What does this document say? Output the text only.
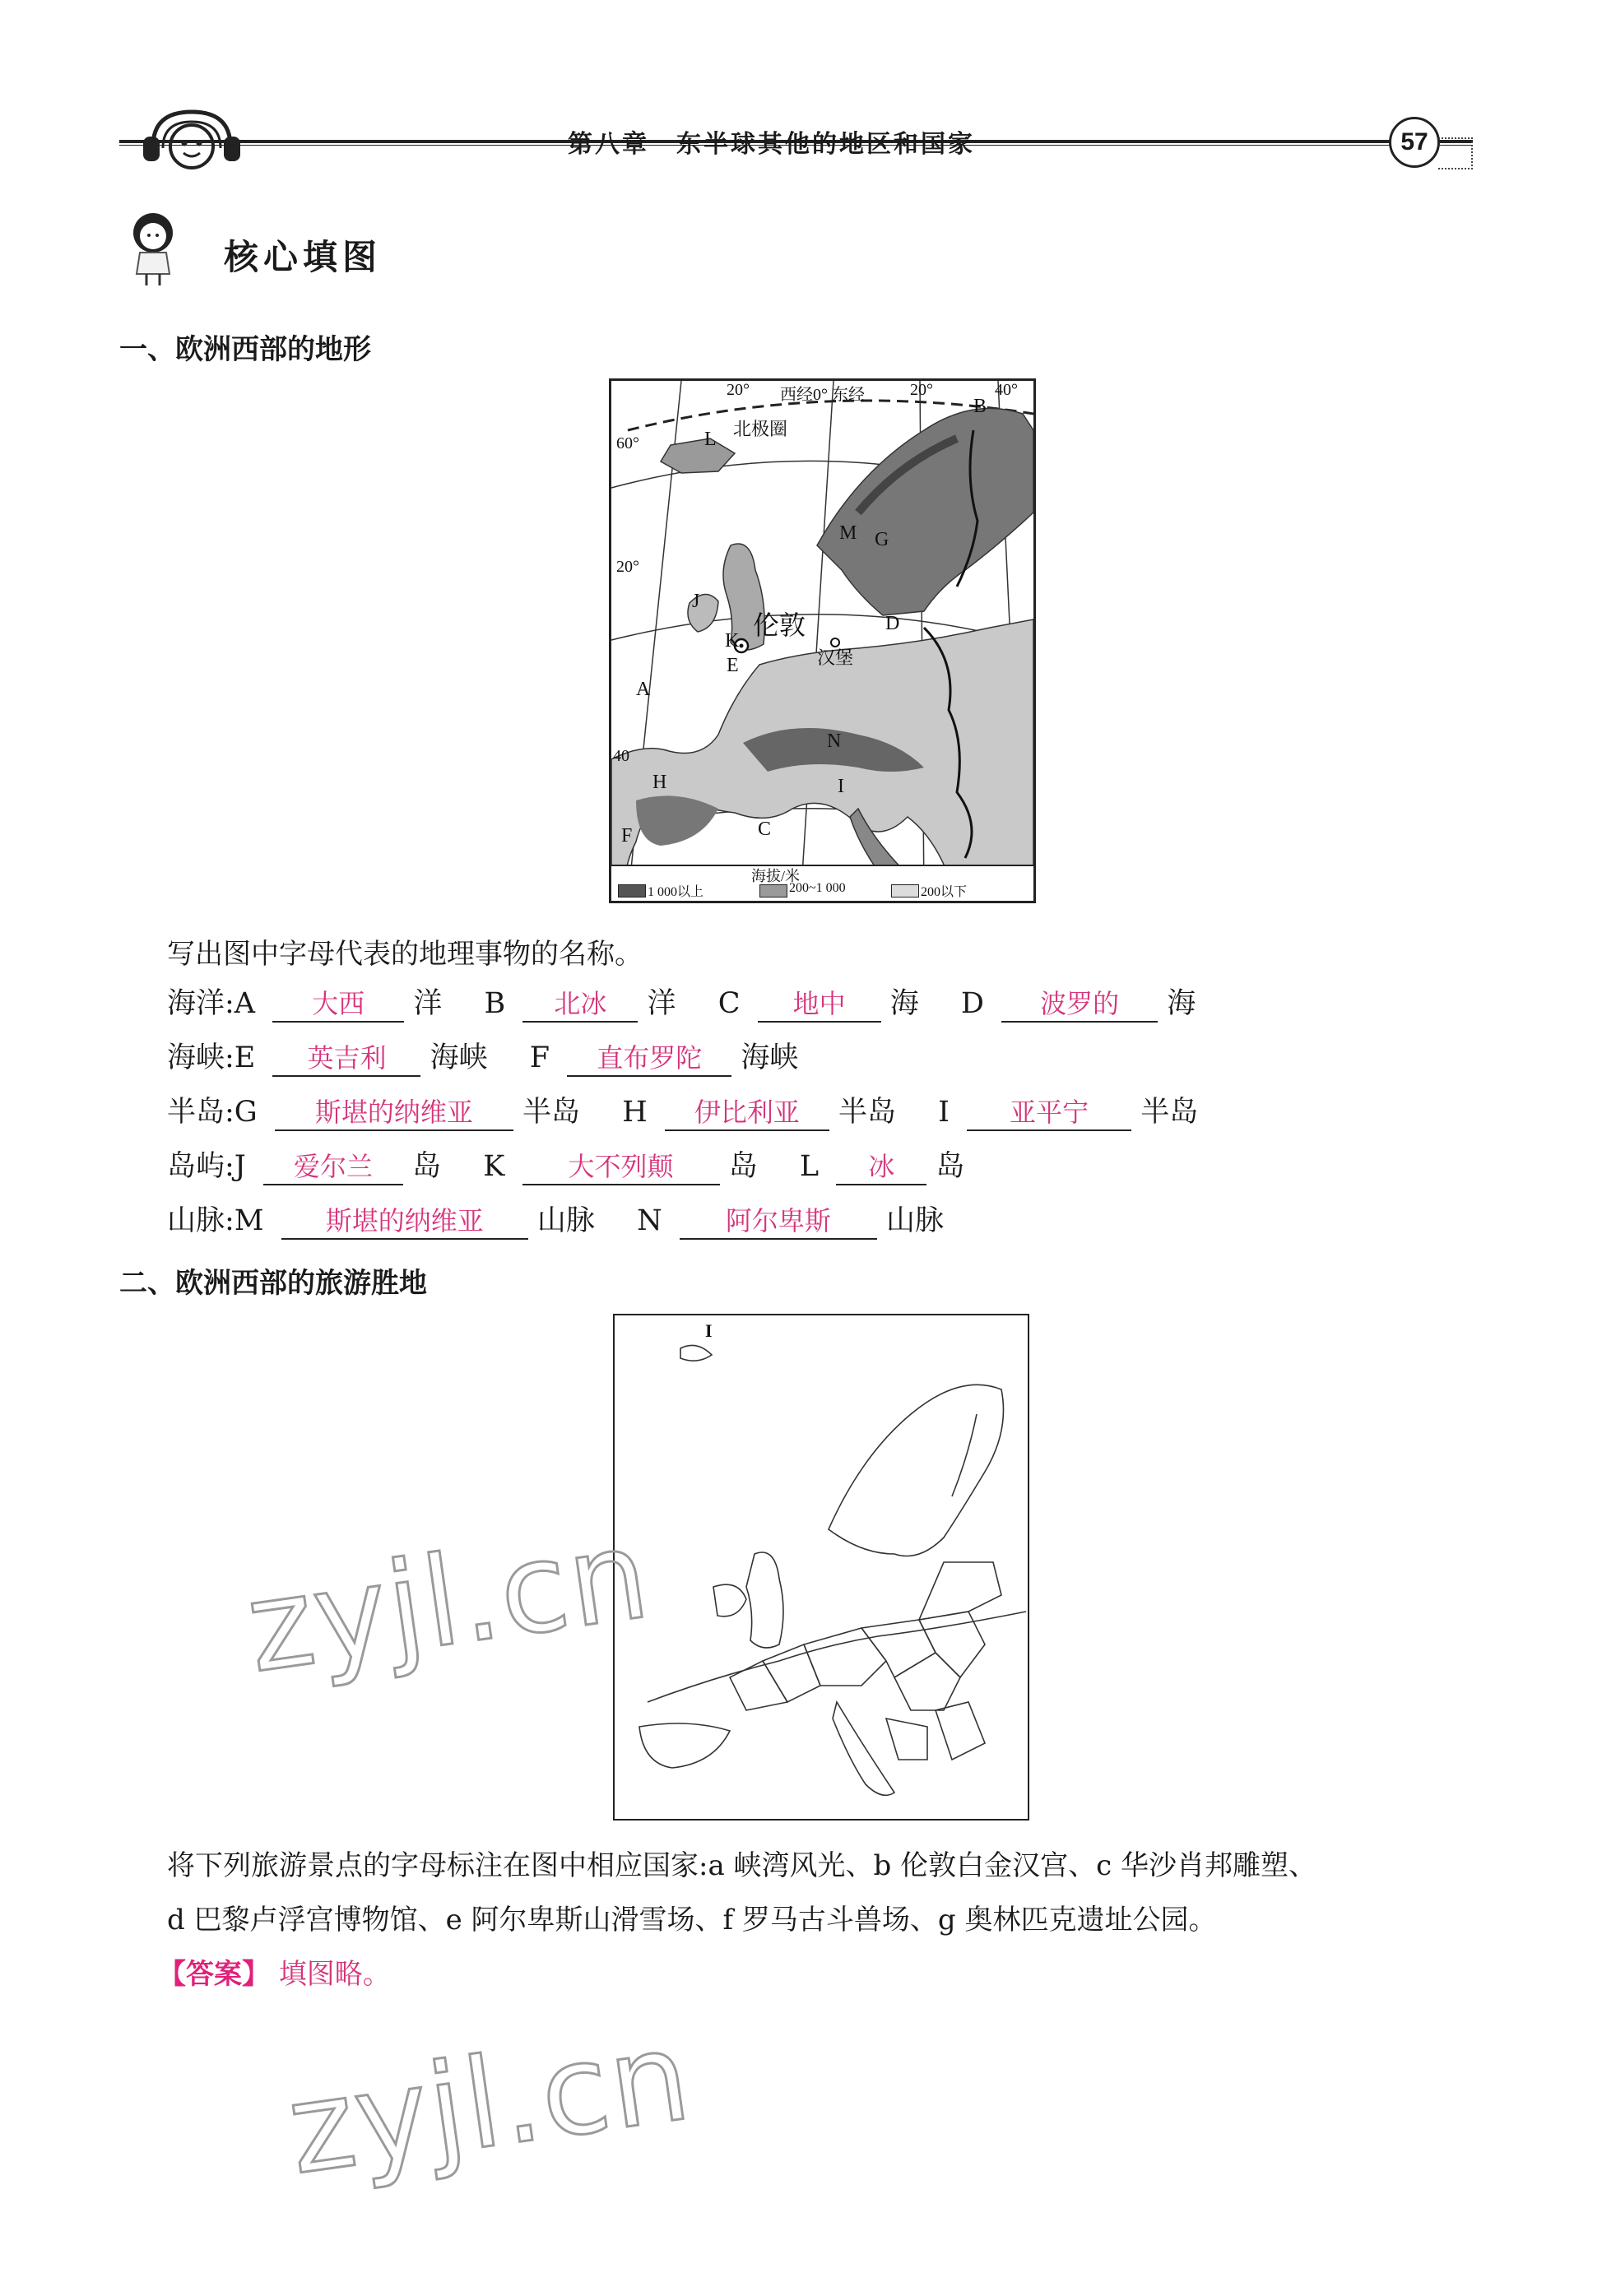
第八章　东半球其他的地区和国家	57
核心填图
一、欧洲西部的地形
西经0° 东经
20°	20°	40°
北极圈
60°
20°
40
伦敦
汉堡
A
B
C
D
E
F
G
H	I
J
K
L
M
N
海拔/米
1 000以上	200~1 000	200以下
写出图中字母代表的地理事物的名称。
海洋:A 大西 洋 B 北冰 洋 C 地中 海 D 波罗的 海
海峡:E 英吉利 海峡 F 直布罗陀 海峡
半岛:G 斯堪的纳维亚 半岛 H 伊比利亚 半岛 I 亚平宁 半岛
岛屿:J 爱尔兰 岛 K 大不列颠 岛 L 冰 岛
山脉:M 斯堪的纳维亚 山脉 N 阿尔卑斯 山脉
二、欧洲西部的旅游胜地
I
将下列旅游景点的字母标注在图中相应国家:a 峡湾风光、b 伦敦白金汉宫、c 华沙肖邦雕塑、
d 巴黎卢浮宫博物馆、e 阿尔卑斯山滑雪场、f 罗马古斗兽场、g 奥林匹克遗址公园。
【答案】 填图略。
zyjl.cn
zyjl.cn
